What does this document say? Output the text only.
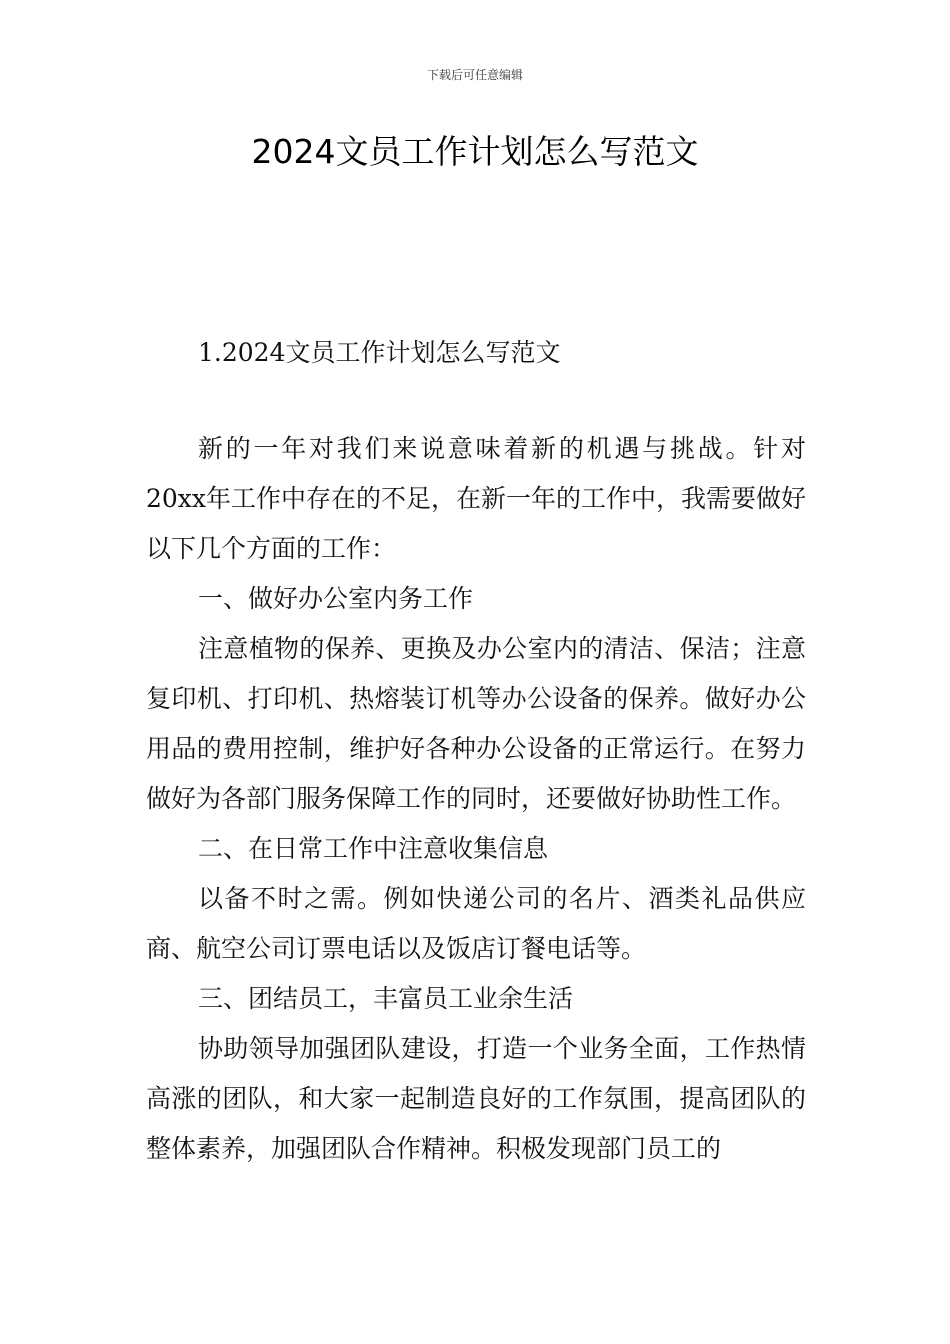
下载后可任意编辑
2024文员工作计划怎么写范文
1.2024文员工作计划怎么写范文

新的一年对我们来说意味着新的机遇与挑战。针对20xx年工作中存在的不足，在新一年的工作中，我需要做好以下几个方面的工作：

一、做好办公室内务工作

注意植物的保养、更换及办公室内的清洁、保洁；注意复印机、打印机、热熔装订机等办公设备的保养。做好办公用品的费用控制，维护好各种办公设备的正常运行。在努力做好为各部门服务保障工作的同时，还要做好协助性工作。

二、在日常工作中注意收集信息

以备不时之需。例如快递公司的名片、酒类礼品供应商、航空公司订票电话以及饭店订餐电话等。

三、团结员工，丰富员工业余生活

协助领导加强团队建设，打造一个业务全面，工作热情高涨的团队，和大家一起制造良好的工作氛围，提高团队的整体素养，加强团队合作精神。积极发现部门员工的
